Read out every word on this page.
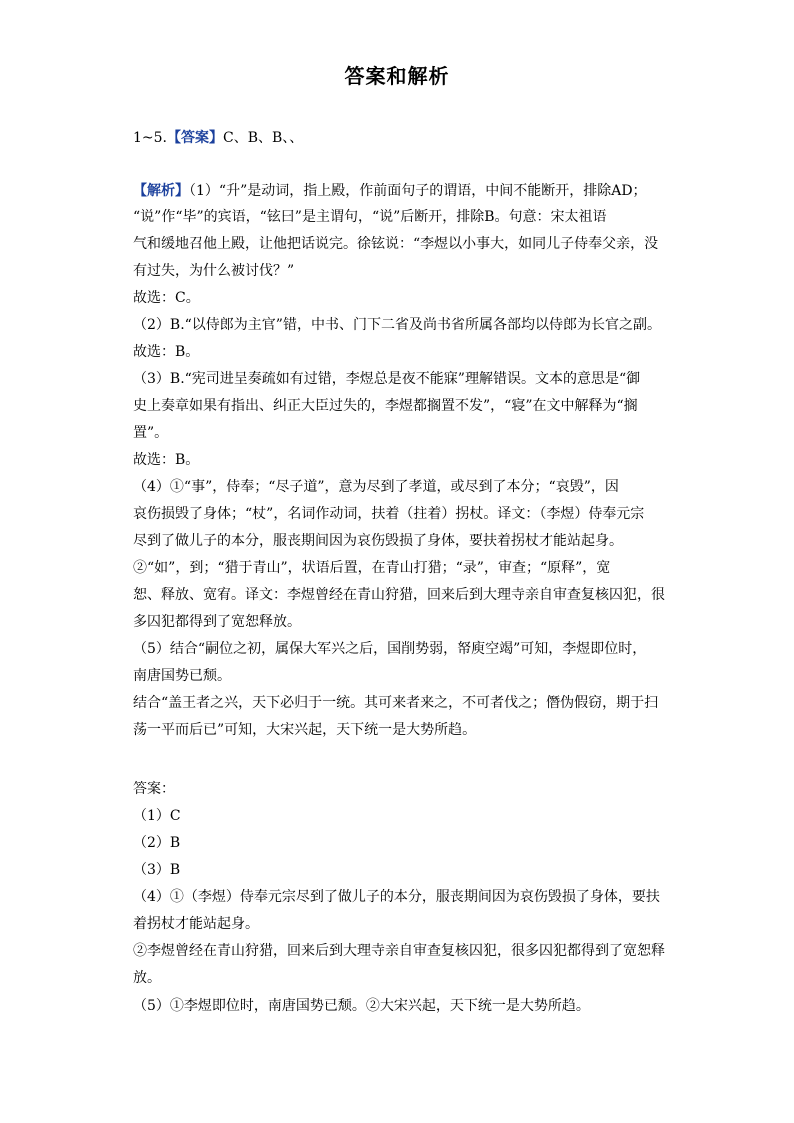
答案和解析
1~5.【答案】C、B、B、、
【解析】（1）“升”是动词，指上殿，作前面句子的谓语，中间不能断开，排除AD；
“说”作“毕”的宾语，“铉曰”是主谓句，“说”后断开，排除B。句意：宋太祖语
气和缓地召他上殿，让他把话说完。徐铉说：“李煜以小事大，如同儿子侍奉父亲，没
有过失，为什么被讨伐？”
故选：C。
（2）B.“以侍郎为主官”错，中书、门下二省及尚书省所属各部均以侍郎为长官之副。
故选：B。
（3）B.“宪司进呈奏疏如有过错，李煜总是夜不能寐”理解错误。文本的意思是“御
史上奏章如果有指出、纠正大臣过失的，李煜都搁置不发”，“寝”在文中解释为“搁
置”。
故选：B。
（4）①“事”，侍奉；“尽子道”，意为尽到了孝道，或尽到了本分；“哀毁”，因
哀伤损毁了身体；“杖”，名词作动词，扶着（拄着）拐杖。译文：（李煜）侍奉元宗
尽到了做儿子的本分，服丧期间因为哀伤毁损了身体，要扶着拐杖才能站起身。
②“如”，到；“猎于青山”，状语后置，在青山打猎；“录”，审查；“原释”，宽
恕、释放、宽宥。译文：李煜曾经在青山狩猎，回来后到大理寺亲自审查复核囚犯，很
多囚犯都得到了宽恕释放。
（5）结合“嗣位之初，属保大军兴之后，国削势弱，帑庾空竭”可知，李煜即位时，
南唐国势已颓。
结合“盖王者之兴，天下必归于一统。其可来者来之，不可者伐之；僭伪假窃，期于扫
荡一平而后已”可知，大宋兴起，天下统一是大势所趋。
答案：
（1）C
（2）B
（3）B
（4）①（李煜）侍奉元宗尽到了做儿子的本分，服丧期间因为哀伤毁损了身体，要扶
着拐杖才能站起身。
②李煜曾经在青山狩猎，回来后到大理寺亲自审查复核囚犯，很多囚犯都得到了宽恕释
放。
（5）①李煜即位时，南唐国势已颓。②大宋兴起，天下统一是大势所趋。
